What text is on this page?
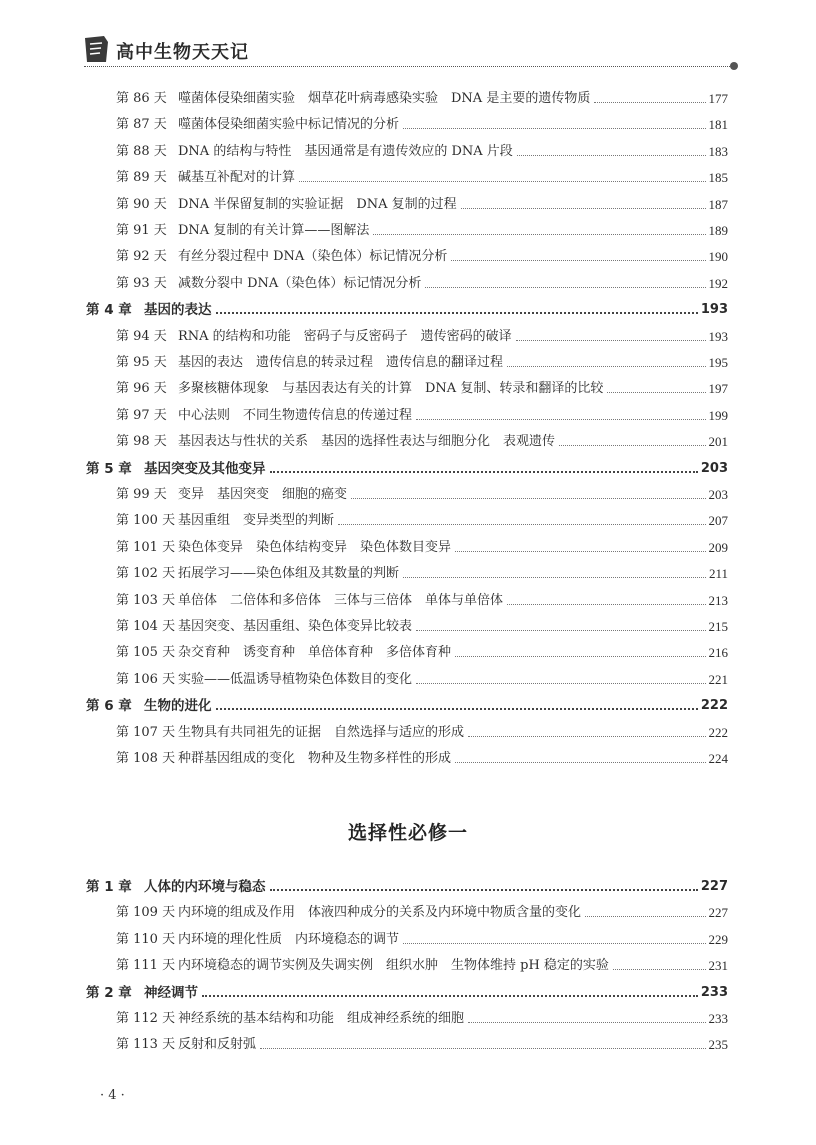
高中生物天天记
第 86 天 噬菌体侵染细菌实验　烟草花叶病毒感染实验　DNA 是主要的遗传物质	177
第 87 天 噬菌体侵染细菌实验中标记情况的分析	181
第 88 天 DNA 的结构与特性　基因通常是有遗传效应的 DNA 片段	183
第 89 天 碱基互补配对的计算	185
第 90 天 DNA 半保留复制的实验证据　DNA 复制的过程	187
第 91 天 DNA 复制的有关计算——图解法	189
第 92 天 有丝分裂过程中 DNA（染色体）标记情况分析	190
第 93 天 减数分裂中 DNA（染色体）标记情况分析	192
第 4 章 基因的表达	193
第 94 天 RNA 的结构和功能　密码子与反密码子　遗传密码的破译	193
第 95 天 基因的表达　遗传信息的转录过程　遗传信息的翻译过程	195
第 96 天 多聚核糖体现象　与基因表达有关的计算　DNA 复制、转录和翻译的比较	197
第 97 天 中心法则　不同生物遗传信息的传递过程	199
第 98 天 基因表达与性状的关系　基因的选择性表达与细胞分化　表观遗传	201
第 5 章 基因突变及其他变异	203
第 99 天 变异　基因突变　细胞的癌变	203
第 100 天 基因重组　变异类型的判断	207
第 101 天 染色体变异　染色体结构变异　染色体数目变异	209
第 102 天 拓展学习——染色体组及其数量的判断	211
第 103 天 单倍体　二倍体和多倍体　三体与三倍体　单体与单倍体	213
第 104 天 基因突变、基因重组、染色体变异比较表	215
第 105 天 杂交育种　诱变育种　单倍体育种　多倍体育种	216
第 106 天 实验——低温诱导植物染色体数目的变化	221
第 6 章 生物的进化	222
第 107 天 生物具有共同祖先的证据　自然选择与适应的形成	222
第 108 天 种群基因组成的变化　物种及生物多样性的形成	224
第 1 章 人体的内环境与稳态	227
第 109 天 内环境的组成及作用　体液四种成分的关系及内环境中物质含量的变化	227
第 110 天 内环境的理化性质　内环境稳态的调节	229
第 111 天 内环境稳态的调节实例及失调实例　组织水肿　生物体维持 pH 稳定的实验	231
第 2 章 神经调节	233
第 112 天 神经系统的基本结构和功能　组成神经系统的细胞	233
第 113 天 反射和反射弧	235
选择性必修一
· 4 ·
